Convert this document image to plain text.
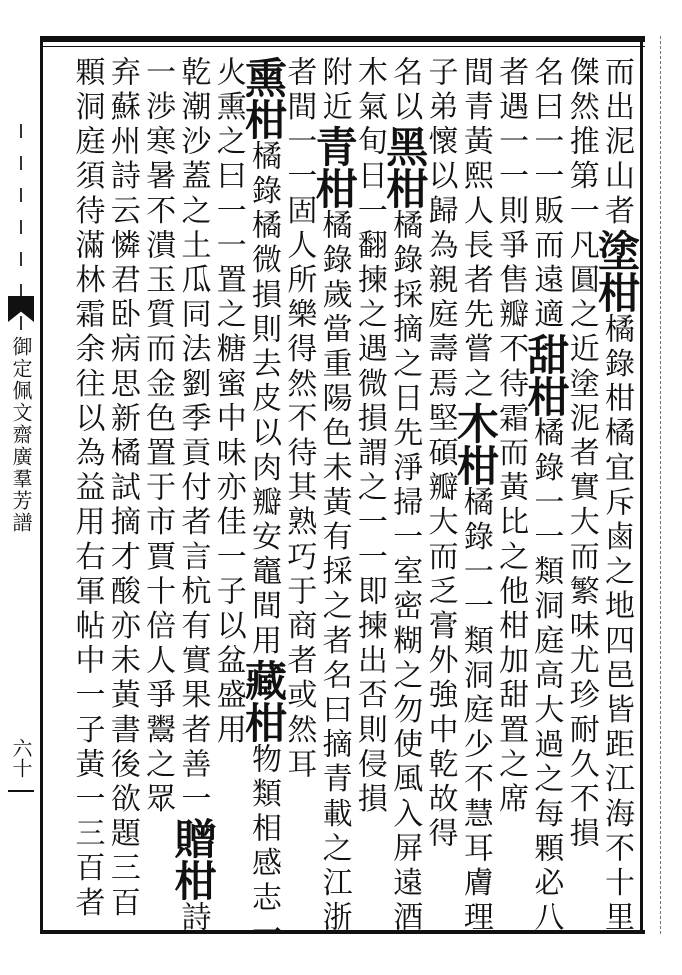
御定佩文齋廣羣芳譜
六十
而出泥山者塗柑橘錄柑橘宜斥鹵之地四邑皆距江海不十里
傑然推第一凡圓之近塗泥者實大而繁味尤珍耐久不損
名曰一一販而遠適甜柑橘錄一一類洞庭高大過之每顆必八
者遇一一則爭售瓣不待霜而黃比之他柑加甜置之席
間青黃熙人長者先嘗之木柑橘錄一一類洞庭少不慧耳膚理
子弟懷以歸為親庭壽焉堅碩瓣大而乏膏外強中乾故得
名以黑柑橘錄採摘之日先淨掃一室密糊之勿使風入屏遠酒
木氣旬日一翻揀之遇微損謂之一一即揀出否則侵損
附近青柑橘錄歲當重陽色未黃有採之者名曰摘青載之江浙
者間一一固人所樂得然不待其熟巧于商者或然耳
熏柑橘錄橘微損則去皮以肉瓣安竈間用藏柑物類相感志一
火熏之曰一一置之糖蜜中味亦佳一子以盆盛用
乾潮沙蓋之土瓜同法劉季貢付者言杭有實果者善一贈柑詩
一渉寒暑不潰玉質而金色置于市賈十倍人爭鬻之眾
弃蘇州詩云憐君卧病思新橘試摘才酸亦未黃書後欲題三百
顆洞庭須待滿林霜余往以為益用右軍帖中一子黃一三百者
